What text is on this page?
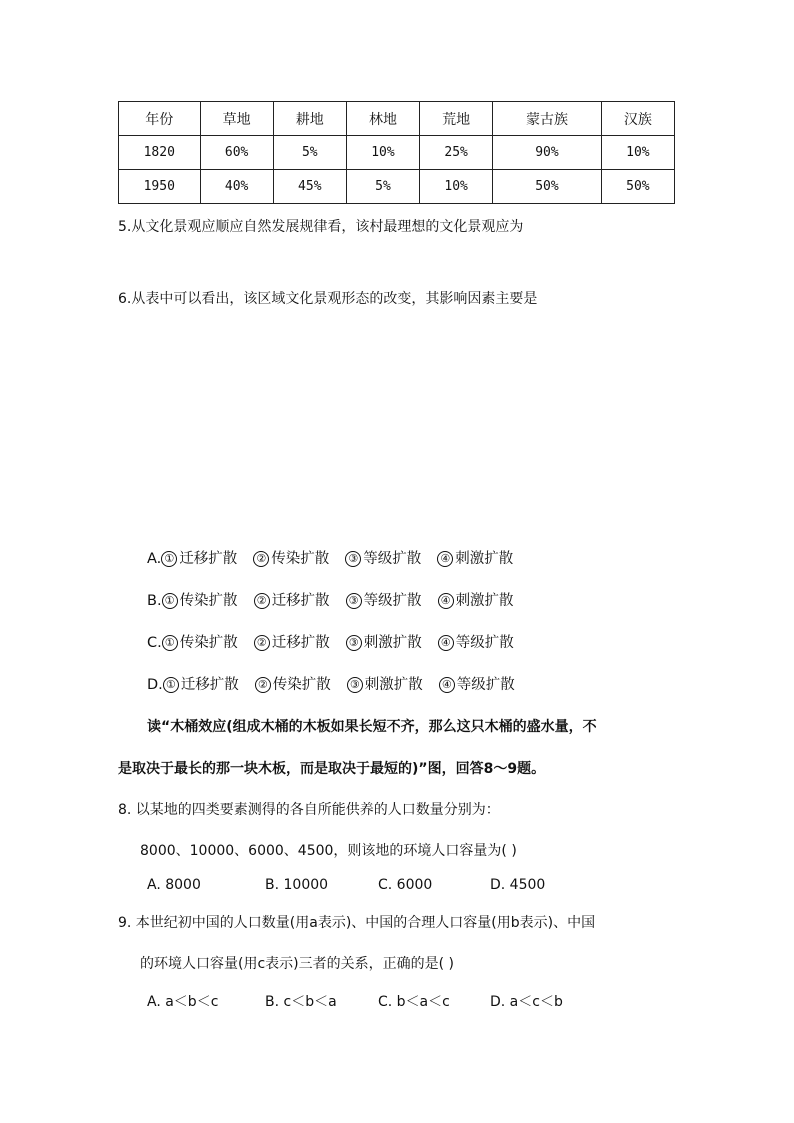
年份	草地	耕地	林地	荒地	蒙古族	汉族
1820	60%	5%	10%	25%	90%	10%
1950	40%	45%	5%	10%	50%	50%
5.从文化景观应顺应自然发展规律看，该村最理想的文化景观应为
6.从表中可以看出，该区域文化景观形态的改变，其影响因素主要是
A. ① 迁移扩散 ② 传染扩散 ③ 等级扩散 ④ 刺激扩散
B. ① 传染扩散 ② 迁移扩散 ③ 等级扩散 ④ 刺激扩散
C. ① 传染扩散 ② 迁移扩散 ③ 刺激扩散 ④ 等级扩散
D. ① 迁移扩散 ② 传染扩散 ③ 刺激扩散 ④ 等级扩散
读“木桶效应(组成木桶的木板如果长短不齐，那么这只木桶的盛水量，不
是取决于最长的那一块木板，而是取决于最短的)”图，回答8～9题。
8. 以某地的四类要素测得的各自所能供养的人口数量分别为：
8000、10000、6000、4500，则该地的环境人口容量为( )
A. 8000	B. 10000	C. 6000	D. 4500
9. 本世纪初中国的人口数量(用a表示)、中国的合理人口容量(用b表示)、中国
的环境人口容量(用c表示)三者的关系，正确的是( )
A. a＜b＜c	B. c＜b＜a	C. b＜a＜c	D. a＜c＜b
